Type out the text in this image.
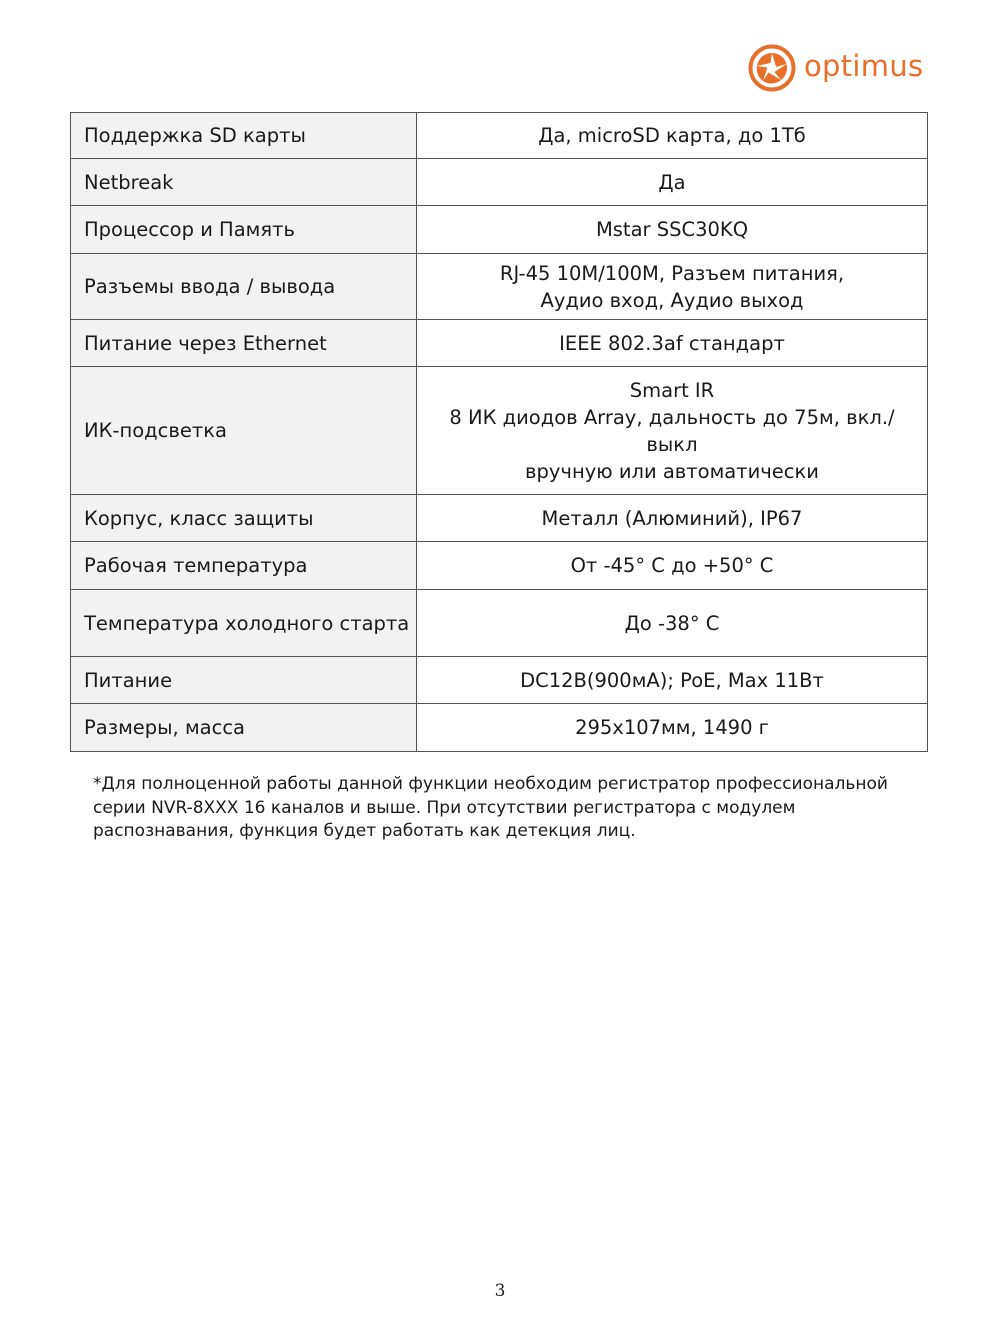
optimus
Поддержка SD карты	Да, microSD карта, до 1Тб

Netbreak	Да

Процессор и Память	Mstar SSC30KQ

Разъемы ввода / вывода	RJ-45 10M/100M, Разъем питания,
Аудио вход, Аудио выход

Питание через Ethernet	IEEE 802.3af стандарт

ИК-подсветка	Smart IR
8 ИК диодов Array, дальность до 75м, вкл./выкл
вручную или автоматически

Корпус, класс защиты	Металл (Алюминий), IP67

Рабочая температура	От -45° С до +50° С

Температура холодного старта	До -38° С

Питание	DC12В(900мА); PoE, Max 11Вт

Размеры, масса	295x107мм, 1490 г
*Для полноценной работы данной функции необходим регистратор профессиональной серии NVR-8XXX 16 каналов и выше. При отсутствии регистратора с модулем распознавания, функция будет работать как детекция лиц.
3
